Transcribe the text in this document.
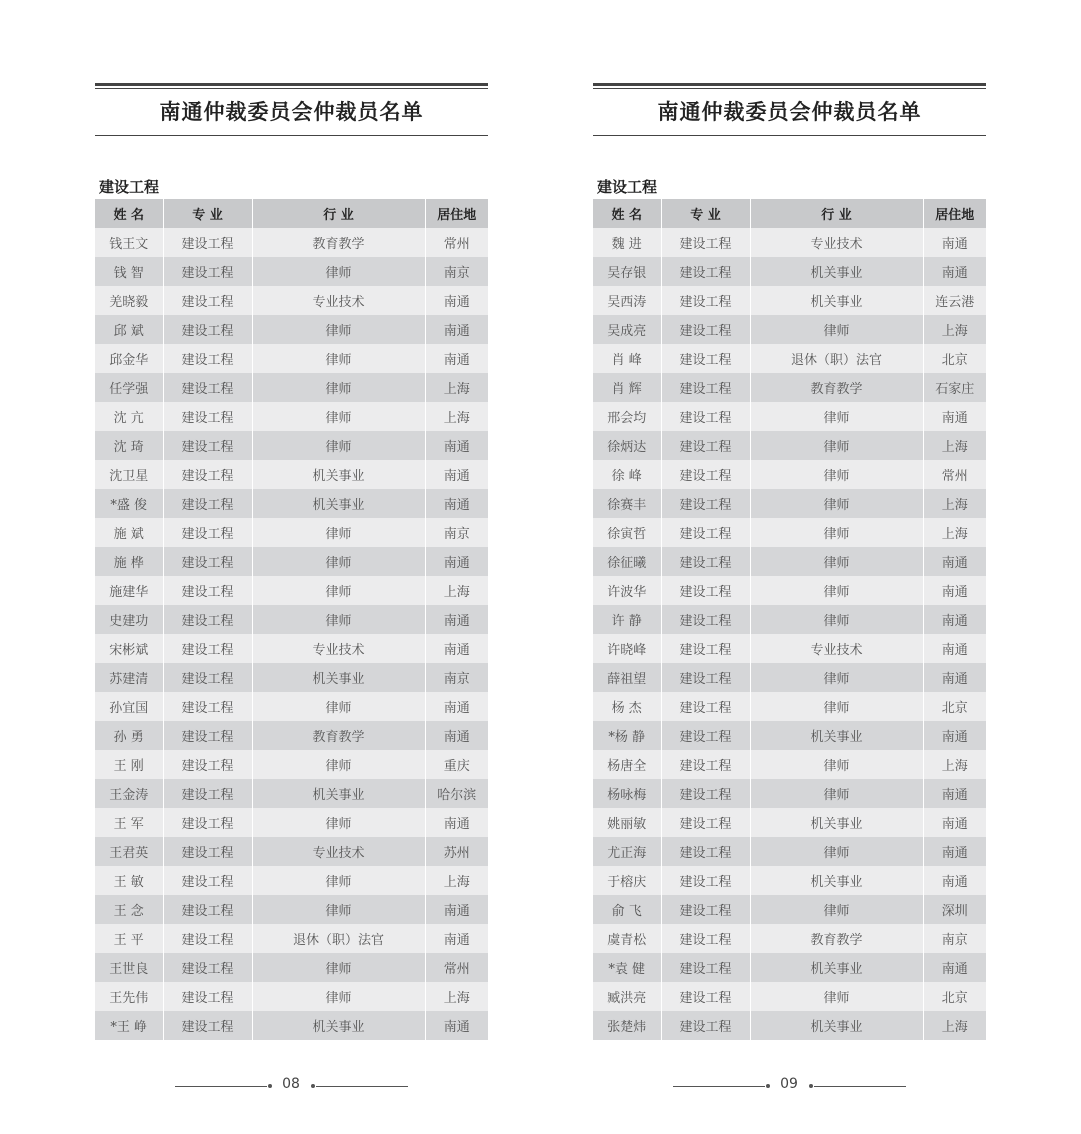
南通仲裁委员会仲裁员名单
建设工程
姓 名	专 业	行 业	居住地
钱王文	建设工程	教育教学	常州
钱 智	建设工程	律师	南京
羌晓毅	建设工程	专业技术	南通
邱 斌	建设工程	律师	南通
邱金华	建设工程	律师	南通
任学强	建设工程	律师	上海
沈 亢	建设工程	律师	上海
沈 琦	建设工程	律师	南通
沈卫星	建设工程	机关事业	南通
*盛 俊	建设工程	机关事业	南通
施 斌	建设工程	律师	南京
施 桦	建设工程	律师	南通
施建华	建设工程	律师	上海
史建功	建设工程	律师	南通
宋彬斌	建设工程	专业技术	南通
苏建清	建设工程	机关事业	南京
孙宜国	建设工程	律师	南通
孙 勇	建设工程	教育教学	南通
王 刚	建设工程	律师	重庆
王金涛	建设工程	机关事业	哈尔滨
王 军	建设工程	律师	南通
王君英	建设工程	专业技术	苏州
王 敏	建设工程	律师	上海
王 念	建设工程	律师	南通
王 平	建设工程	退休（职）法官	南通
王世良	建设工程	律师	常州
王先伟	建设工程	律师	上海
*王 峥	建设工程	机关事业	南通
08
南通仲裁委员会仲裁员名单
建设工程
姓 名	专 业	行 业	居住地
魏 进	建设工程	专业技术	南通
吴存银	建设工程	机关事业	南通
吴西涛	建设工程	机关事业	连云港
吴成亮	建设工程	律师	上海
肖 峰	建设工程	退休（职）法官	北京
肖 辉	建设工程	教育教学	石家庄
邢会均	建设工程	律师	南通
徐炳达	建设工程	律师	上海
徐 峰	建设工程	律师	常州
徐赛丰	建设工程	律师	上海
徐寅哲	建设工程	律师	上海
徐征曦	建设工程	律师	南通
许波华	建设工程	律师	南通
许 静	建设工程	律师	南通
许晓峰	建设工程	专业技术	南通
薛祖望	建设工程	律师	南通
杨 杰	建设工程	律师	北京
*杨 静	建设工程	机关事业	南通
杨唐全	建设工程	律师	上海
杨咏梅	建设工程	律师	南通
姚丽敏	建设工程	机关事业	南通
尤正海	建设工程	律师	南通
于榕庆	建设工程	机关事业	南通
俞 飞	建设工程	律师	深圳
虞青松	建设工程	教育教学	南京
*袁 健	建设工程	机关事业	南通
臧洪亮	建设工程	律师	北京
张楚炜	建设工程	机关事业	上海
09
